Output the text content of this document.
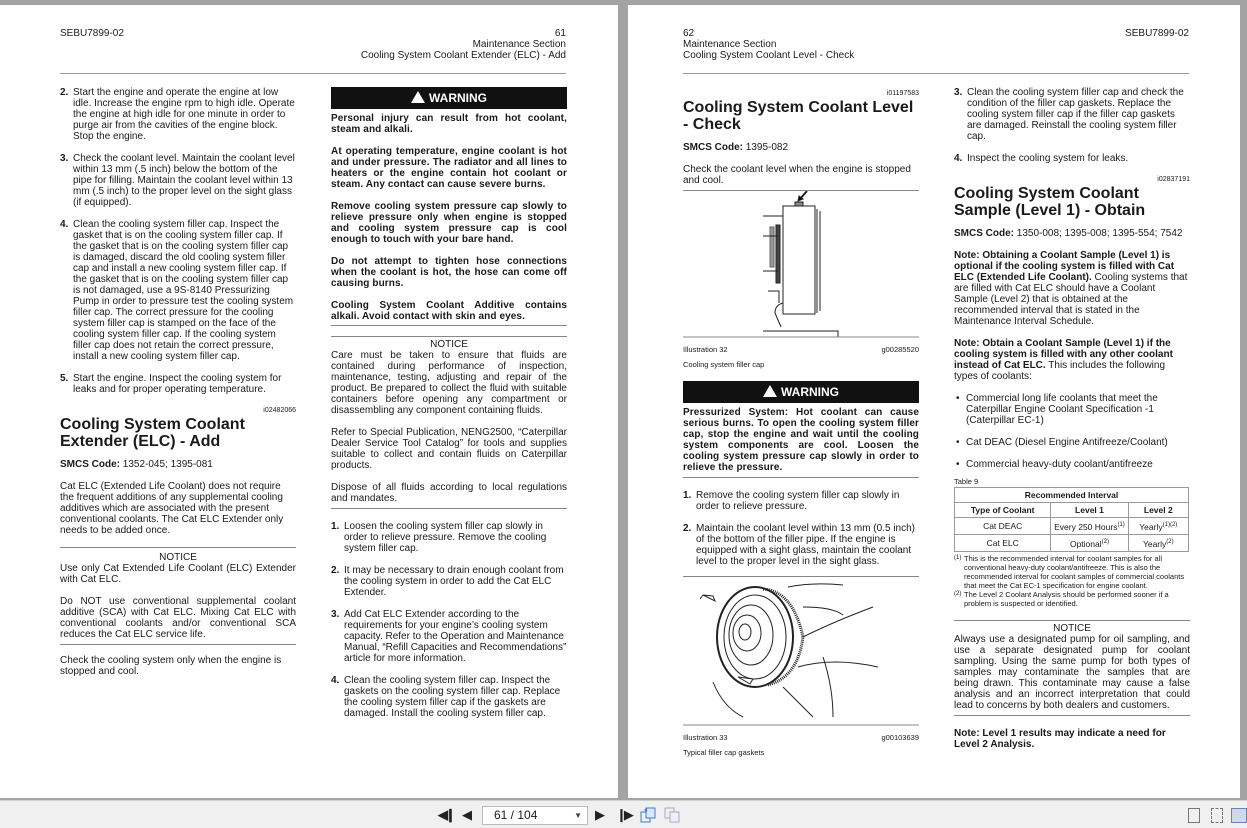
SEBU7899-02	61
Maintenance Section
Cooling System Coolant Extender (ELC) - Add
2. Start the engine and operate the engine at low idle. Increase the engine rpm to high idle. Operate the engine at high idle for one minute in order to purge air from the cavities of the engine block. Stop the engine.
3. Check the coolant level. Maintain the coolant level within 13 mm (.5 inch) below the bottom of the pipe for filling. Maintain the coolant level within 13 mm (.5 inch) to the proper level on the sight glass (if equipped).
4. Clean the cooling system filler cap. Inspect the gasket that is on the cooling system filler cap. If the gasket that is on the cooling system filler cap is damaged, discard the old cooling system filler cap and install a new cooling system filler cap. If the gasket that is on the cooling system filler cap is not damaged, use a 9S-8140 Pressurizing Pump in order to pressure test the cooling system filler cap. The correct pressure for the cooling system filler cap is stamped on the face of the cooling system filler cap. If the cooling system filler cap does not retain the correct pressure, install a new cooling system filler cap.
5. Start the engine. Inspect the cooling system for leaks and for proper operating temperature.
i02482066
Cooling System Coolant Extender (ELC) - Add

SMCS Code: 1352-045; 1395-081

Cat ELC (Extended Life Coolant) does not require the frequent additions of any supplemental cooling additives which are associated with the present conventional coolants. The Cat ELC Extender only needs to be added once.

NOTICE

Use only Cat Extended Life Coolant (ELC) Extender with Cat ELC.

Do NOT use conventional supplemental coolant additive (SCA) with Cat ELC. Mixing Cat ELC with conventional coolants and/or conventional SCA reduces the Cat ELC service life.

Check the cooling system only when the engine is stopped and cool.

WARNING

Personal injury can result from hot coolant, steam and alkali.

At operating temperature, engine coolant is hot and under pressure. The radiator and all lines to heaters or the engine contain hot coolant or steam. Any contact can cause severe burns.

Remove cooling system pressure cap slowly to relieve pressure only when engine is stopped and cooling system pressure cap is cool enough to touch with your bare hand.

Do not attempt to tighten hose connections when the coolant is hot, the hose can come off causing burns.

Cooling System Coolant Additive contains alkali. Avoid contact with skin and eyes.

NOTICE

Care must be taken to ensure that fluids are contained during performance of inspection, maintenance, testing, adjusting and repair of the product. Be prepared to collect the fluid with suitable containers before opening any compartment or disassembling any component containing fluids.

Refer to Special Publication, NENG2500, “Caterpillar Dealer Service Tool Catalog” for tools and supplies suitable to collect and contain fluids on Caterpillar products.

Dispose of all fluids according to local regulations and mandates.

1. Loosen the cooling system filler cap slowly in order to relieve pressure. Remove the cooling system filler cap.
2. It may be necessary to drain enough coolant from the cooling system in order to add the Cat ELC Extender.
3. Add Cat ELC Extender according to the requirements for your engine’s cooling system capacity. Refer to the Operation and Maintenance Manual, “Refill Capacities and Recommendations” article for more information.
4. Clean the cooling system filler cap. Inspect the gaskets on the cooling system filler cap. Replace the cooling system filler cap if the gaskets are damaged. Install the cooling system filler cap.
62
Maintenance Section
Cooling System Coolant Level - Check
SEBU7899-02
i01197583
Cooling System Coolant Level - Check

SMCS Code: 1395-082

Check the coolant level when the engine is stopped and cool.

Illustration 32	g00285520
Cooling system filler cap
WARNING

Pressurized System: Hot coolant can cause serious burns. To open the cooling system filler cap, stop the engine and wait until the cooling system components are cool. Loosen the cooling system pressure cap slowly in order to relieve the pressure.

1. Remove the cooling system filler cap slowly in order to relieve pressure.
2. Maintain the coolant level within 13 mm (0.5 inch) of the bottom of the filler pipe. If the engine is equipped with a sight glass, maintain the coolant level to the proper level in the sight glass.
Illustration 33	g00103639
Typical filler cap gaskets
3. Clean the cooling system filler cap and check the condition of the filler cap gaskets. Replace the cooling system filler cap if the filler cap gaskets are damaged. Reinstall the cooling system filler cap.
4. Inspect the cooling system for leaks.
i02837191
Cooling System Coolant Sample (Level 1) - Obtain

SMCS Code: 1350-008; 1395-008; 1395-554; 7542

Note: Obtaining a Coolant Sample (Level 1) is optional if the cooling system is filled with Cat ELC (Extended Life Coolant). Cooling systems that are filled with Cat ELC should have a Coolant Sample (Level 2) that is obtained at the recommended interval that is stated in the Maintenance Interval Schedule.

Note: Obtain a Coolant Sample (Level 1) if the cooling system is filled with any other coolant instead of Cat ELC. This includes the following types of coolants:

• Commercial long life coolants that meet the Caterpillar Engine Coolant Specification -1 (Caterpillar EC-1)
• Cat DEAC (Diesel Engine Antifreeze/Coolant)
• Commercial heavy-duty coolant/antifreeze
Table 9
Recommended Interval		
Type of Coolant	Level 1	Level 2
Cat DEAC	Every 250 Hours$^{(1)}$	Yearly$^{(1)(2)}$
Cat ELC	Optional$^{(2)}$	Yearly$^{(2)}$
(1) This is the recommended interval for coolant samples for all conventional heavy-duty coolant/antifreeze. This is also the recommended interval for coolant samples of commercial coolants that meet the Cat EC-1 specification for engine coolant.
(2) The Level 2 Coolant Analysis should be performed sooner if a problem is suspected or identified.
NOTICE

Always use a designated pump for oil sampling, and use a separate designated pump for coolant sampling. Using the same pump for both types of samples may contaminate the samples that are being drawn. This contaminate may cause a false analysis and an incorrect interpretation that could lead to concerns by both dealers and customers.

Note: Level 1 results may indicate a need for Level 2 Analysis.

◀❙ ◀	61 / 104	▼ ▶ ❙▶
